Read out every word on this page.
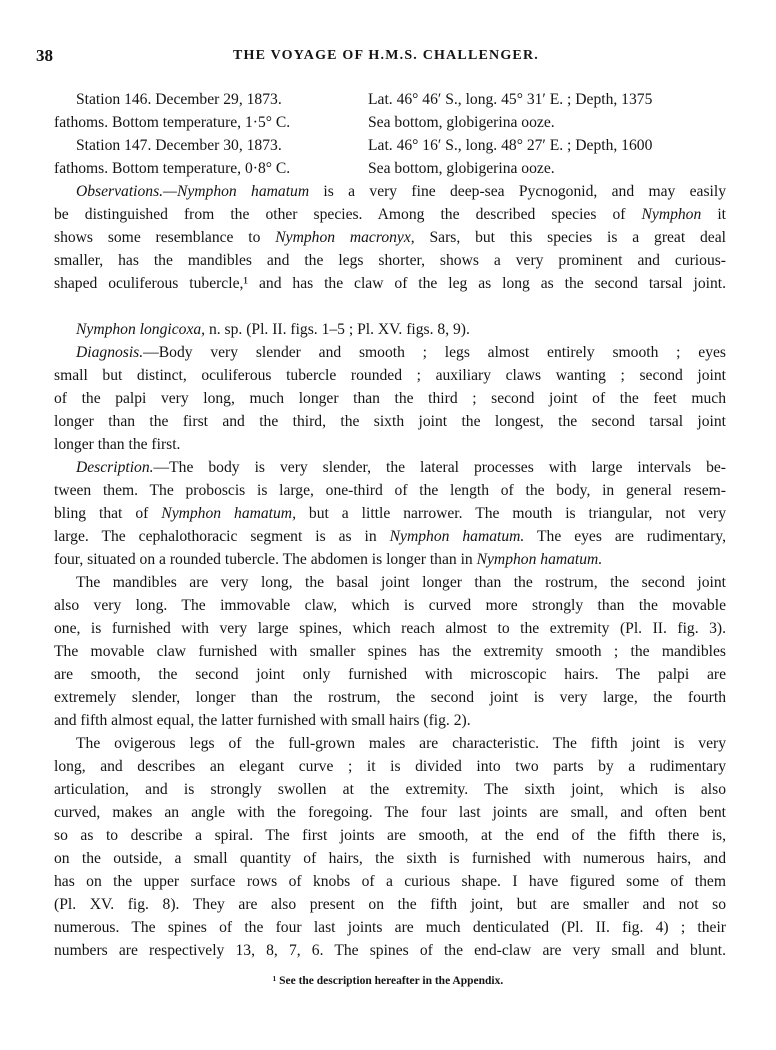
38	THE VOYAGE OF H.M.S. CHALLENGER.
Station 146. December 29, 1873.	Lat. 46° 46′ S., long. 45° 31′ E. ; Depth, 1375
fathoms. Bottom temperature, 1·5° C.	Sea bottom, globigerina ooze.
Station 147. December 30, 1873.	Lat. 46° 16′ S., long. 48° 27′ E. ; Depth, 1600
fathoms. Bottom temperature, 0·8° C.	Sea bottom, globigerina ooze.
Observations.—Nymphon hamatum is a very fine deep-sea Pycnogonid, and may easily
be distinguished from the other species. Among the described species of Nymphon it
shows some resemblance to Nymphon macronyx, Sars, but this species is a great deal
smaller, has the mandibles and the legs shorter, shows a very prominent and curious-
shaped oculiferous tubercle,¹ and has the claw of the leg as long as the second tarsal joint.
Nymphon longicoxa, n. sp. (Pl. II. figs. 1–5 ; Pl. XV. figs. 8, 9).
Diagnosis.—Body very slender and smooth ; legs almost entirely smooth ; eyes
small but distinct, oculiferous tubercle rounded ; auxiliary claws wanting ; second joint
of the palpi very long, much longer than the third ; second joint of the feet much
longer than the first and the third, the sixth joint the longest, the second tarsal joint
longer than the first.
Description.—The body is very slender, the lateral processes with large intervals be-
tween them. The proboscis is large, one-third of the length of the body, in general resem-
bling that of Nymphon hamatum, but a little narrower. The mouth is triangular, not very
large. The cephalothoracic segment is as in Nymphon hamatum. The eyes are rudimentary,
four, situated on a rounded tubercle. The abdomen is longer than in Nymphon hamatum.
The mandibles are very long, the basal joint longer than the rostrum, the second joint
also very long. The immovable claw, which is curved more strongly than the movable
one, is furnished with very large spines, which reach almost to the extremity (Pl. II. fig. 3).
The movable claw furnished with smaller spines has the extremity smooth ; the mandibles
are smooth, the second joint only furnished with microscopic hairs. The palpi are
extremely slender, longer than the rostrum, the second joint is very large, the fourth
and fifth almost equal, the latter furnished with small hairs (fig. 2).
The ovigerous legs of the full-grown males are characteristic. The fifth joint is very
long, and describes an elegant curve ; it is divided into two parts by a rudimentary
articulation, and is strongly swollen at the extremity. The sixth joint, which is also
curved, makes an angle with the foregoing. The four last joints are small, and often bent
so as to describe a spiral. The first joints are smooth, at the end of the fifth there is,
on the outside, a small quantity of hairs, the sixth is furnished with numerous hairs, and
has on the upper surface rows of knobs of a curious shape. I have figured some of them
(Pl. XV. fig. 8). They are also present on the fifth joint, but are smaller and not so
numerous. The spines of the four last joints are much denticulated (Pl. II. fig. 4) ; their
numbers are respectively 13, 8, 7, 6. The spines of the end-claw are very small and blunt.
¹ See the description hereafter in the Appendix.
